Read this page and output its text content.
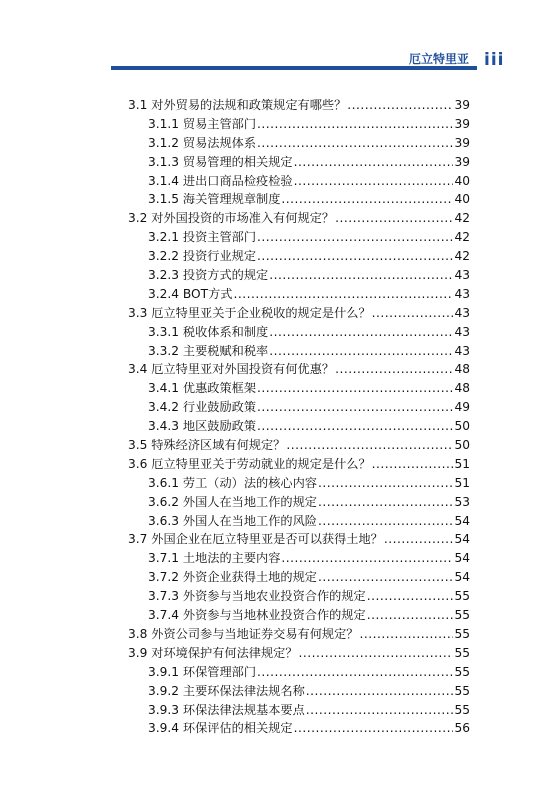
厄立特里亚 iii
3.1 对外贸易的法规和政策规定有哪些？ .....	39
3.1.1 贸易主管部门 .....	39
3.1.2 贸易法规体系 .....	39
3.1.3 贸易管理的相关规定 .....	39
3.1.4 进出口商品检疫检验 .....	40
3.1.5 海关管理规章制度 .....	40
3.2 对外国投资的市场准入有何规定？ .....	42
3.2.1 投资主管部门 .....	42
3.2.2 投资行业规定 .....	42
3.2.3 投资方式的规定 .....	43
3.2.4 BOT方式 .....	43
3.3 厄立特里亚关于企业税收的规定是什么？ .....	43
3.3.1 税收体系和制度 .....	43
3.3.2 主要税赋和税率 .....	43
3.4 厄立特里亚对外国投资有何优惠？ .....	48
3.4.1 优惠政策框架 .....	48
3.4.2 行业鼓励政策 .....	49
3.4.3 地区鼓励政策 .....	50
3.5 特殊经济区域有何规定？ .....	50
3.6 厄立特里亚关于劳动就业的规定是什么？ .....	51
3.6.1 劳工（动）法的核心内容 .....	51
3.6.2 外国人在当地工作的规定 .....	53
3.6.3 外国人在当地工作的风险 .....	54
3.7 外国企业在厄立特里亚是否可以获得土地？ .....	54
3.7.1 土地法的主要内容 .....	54
3.7.2 外资企业获得土地的规定 .....	54
3.7.3 外资参与当地农业投资合作的规定 .....	55
3.7.4 外资参与当地林业投资合作的规定 .....	55
3.8 外资公司参与当地证券交易有何规定？ .....	55
3.9 对环境保护有何法律规定？ .....	55
3.9.1 环保管理部门 .....	55
3.9.2 主要环保法律法规名称 .....	55
3.9.3 环保法律法规基本要点 .....	55
3.9.4 环保评估的相关规定 .....	56
